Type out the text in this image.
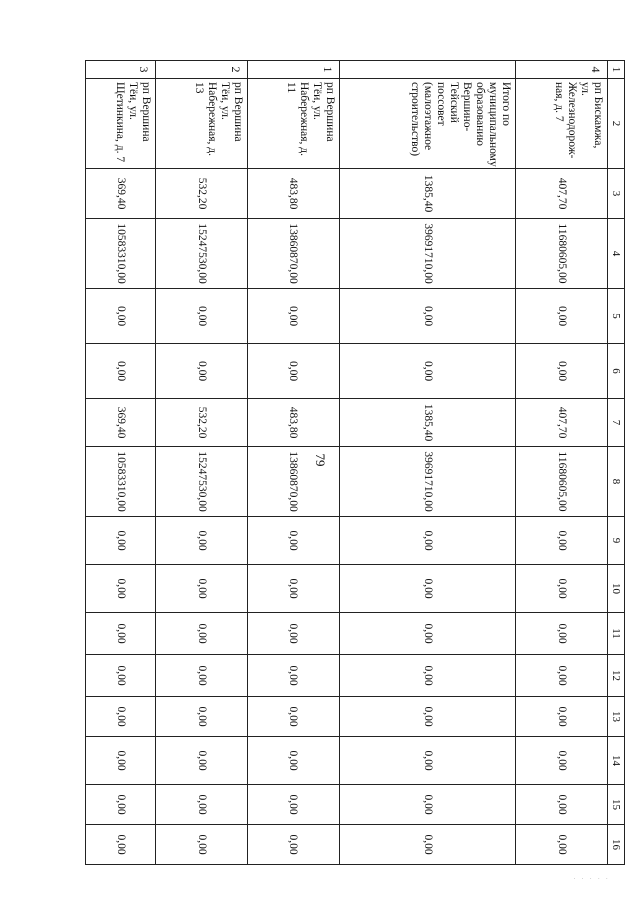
79
1	2	3	4	5	6	7	8	9	10	11	12	13	14	15	16
4	рп Бискамжа, ул. Железнодорож-ная, д. 7	407,70	11680605,00	0,00	0,00	407,70	11680605,00	0,00	0,00	0,00	0,00	0,00	0,00	0,00	0,00
	Итого по муниципальному образованию Вершино-Тейский поссовет (малоэтажное строительство)	1385,40	39691710,00	0,00	0,00	1385,40	39691710,00	0,00	0,00	0,00	0,00	0,00	0,00	0,00	0,00
1	рп Вершина Тёи, ул. Набережная, д. 11	483,80	13860870,00	0,00	0,00	483,80	13860870,00	0,00	0,00	0,00	0,00	0,00	0,00	0,00	0,00
2	рп Вершина Тёи, ул. Набережная, д. 13	532,20	15247530,00	0,00	0,00	532,20	15247530,00	0,00	0,00	0,00	0,00	0,00	0,00	0,00	0,00
3	рп Вершина Тёи, ул. Щетинкина, д. 7	369,40	10583310,00	0,00	0,00	369,40	10583310,00	0,00	0,00	0,00	0,00	0,00	0,00	0,00	0,00
· · · · ·
